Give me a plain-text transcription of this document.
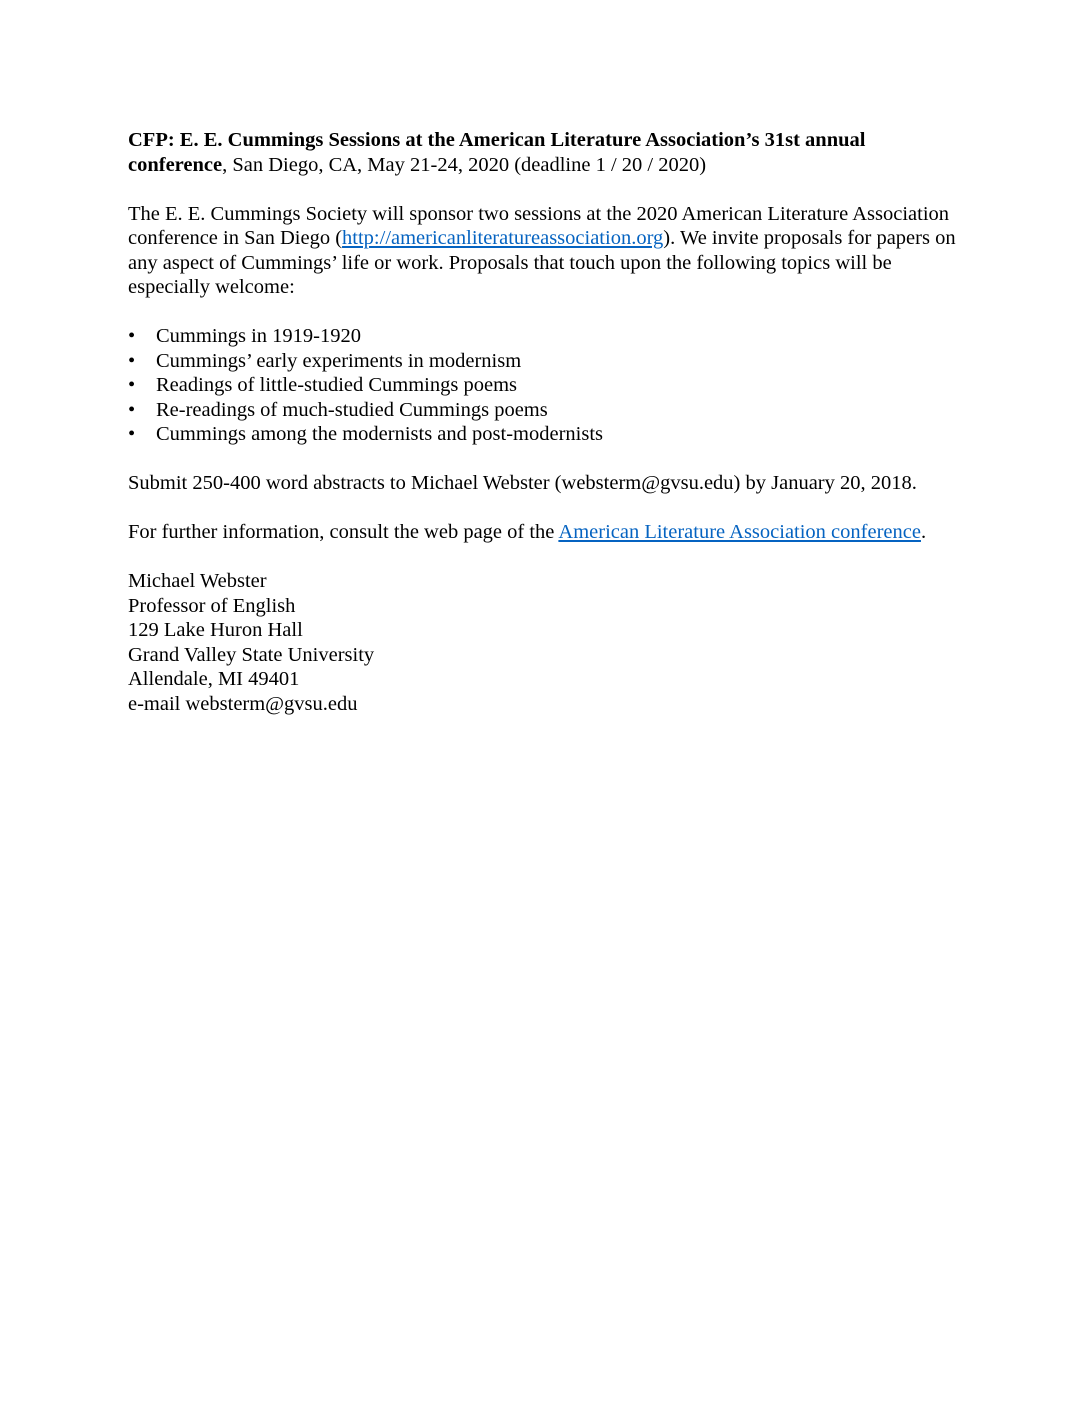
CFP: E. E. Cummings Sessions at the American Literature Association’s 31st annual conference, San Diego, CA, May 21-24, 2020 (deadline 1 / 20 / 2020)

The E. E. Cummings Society will sponsor two sessions at the 2020 American Literature Association conference in San Diego (http://americanliteratureassociation.org). We invite proposals for papers on any aspect of Cummings’ life or work. Proposals that touch upon the following topics will be especially welcome:

• Cummings in 1919-1920
• Cummings’ early experiments in modernism
• Readings of little-studied Cummings poems
• Re-readings of much-studied Cummings poems
• Cummings among the modernists and post-modernists

Submit 250-400 word abstracts to Michael Webster (websterm@gvsu.edu) by January 20, 2018.

For further information, consult the web page of the American Literature Association conference.

Michael Webster
Professor of English
129 Lake Huron Hall
Grand Valley State University
Allendale, MI 49401
e-mail websterm@gvsu.edu
